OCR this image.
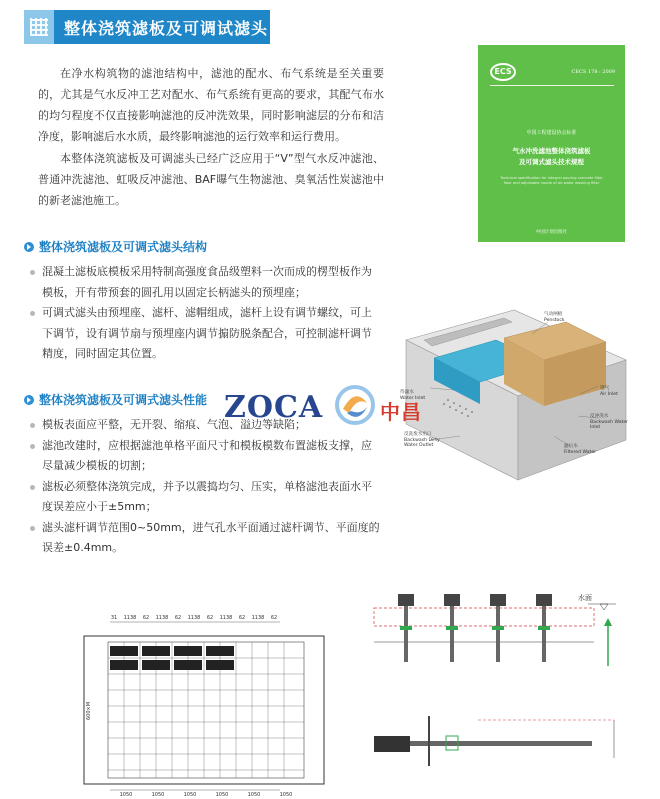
整体浇筑滤板及可调试滤头

在净水构筑物的滤池结构中，滤池的配水、布气系统是至关重要的，尤其是气水反冲工艺对配水、布气系统有更高的要求，其配气布水的均匀程度不仅直接影响滤池的反冲洗效果，同时影响滤层的分布和洁净度，影响滤后水水质，最终影响滤池的运行效率和运行费用。

本整体浇筑滤板及可调滤头已经广泛应用于“V”型气水反冲滤池、普通冲洗滤池、虹吸反冲滤池、BAF曝气生物滤池、臭氧活性炭滤池中的新老滤池施工。

ECS	CECS 178 : 2009
中国工程建设协会标准
气水冲洗滤池整体浇筑滤板
及可调式滤头技术规程
Technical specification for integral pouring concrete filter floor and adjustable nozzle of air-water washing filter
中国计划出版社
整体浇筑滤板及可调式滤头结构
混凝土滤板底模板采用特制高强度食品级塑料一次而成的楞型板作为模板，开有带预套的圆孔用以固定长柄滤头的预埋座；
可调式滤头由预埋座、滤杆、滤帽组成，滤杆上设有调节螺纹，可上下调节，设有调节扇与预埋座内调节搧防脱条配合，可控制滤杆调节精度，同时固定其位置。
整体浇筑滤板及可调式滤头性能
模板表面应平整，无开裂、缩痕、气泡、溢边等缺陷；
滤池改建时，应根据滤池单格平面尺寸和模板模数布置滤板支撑，应尽量减少模板的切割；
滤板必须整体浇筑完成，并予以震捣均匀、压实，单格滤池表面水平度误差应小于±5mm；
滤头滤杆调节范围0~50mm，进气孔水平面通过滤杆调节、平面度的误差±0.4mm。
气动闸板
Penstock
待滤水
Water Inlet
进气
Air Inlet
反冲洗水
Backwash Water Inlet
反洗废水出口
Backwash Dirty
Water Outlet	滤后水
Filtered Water
ZOCA	中昌
31 1138 62 1138 62 1138 62 1138 62 1138 62
600×M
1050	1050	1050	1050	1050	1050
水面
